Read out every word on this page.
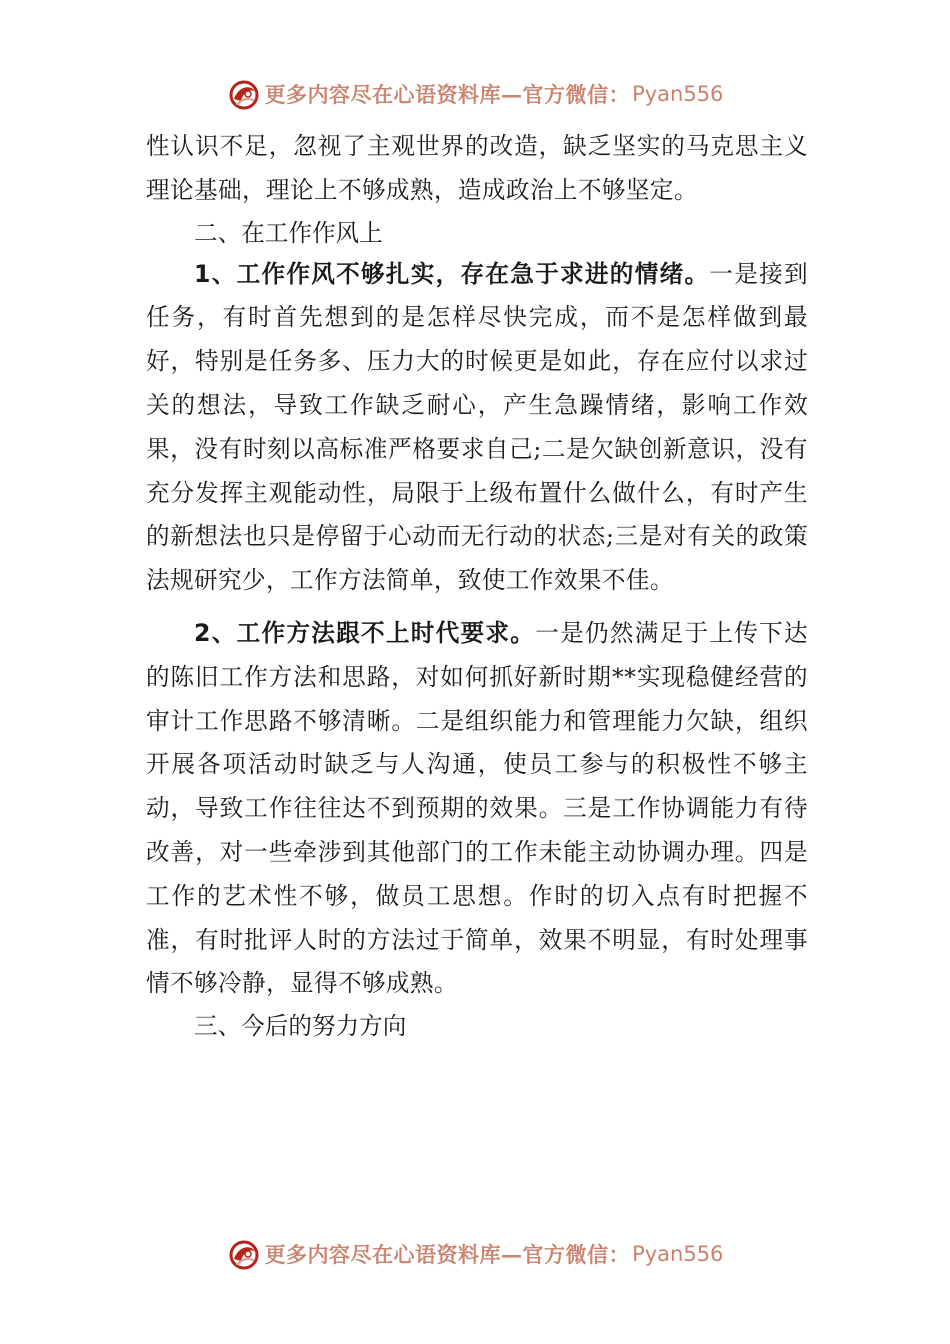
更多内容尽在心语资料库—官方微信： Pyan556

性认识不足，忽视了主观世界的改造，缺乏坚实的马克思主义理论基础，理论上不够成熟，造成政治上不够坚定。

二、在工作作风上

1、工作作风不够扎实，存在急于求进的情绪。一是接到任务，有时首先想到的是怎样尽快完成，而不是怎样做到最好，特别是任务多、压力大的时候更是如此，存在应付以求过关的想法，导致工作缺乏耐心，产生急躁情绪，影响工作效果，没有时刻以高标准严格要求自己;二是欠缺创新意识，没有充分发挥主观能动性，局限于上级布置什么做什么，有时产生的新想法也只是停留于心动而无行动的状态;三是对有关的政策法规研究少，工作方法简单，致使工作效果不佳。

2、工作方法跟不上时代要求。一是仍然满足于上传下达的陈旧工作方法和思路，对如何抓好新时期**实现稳健经营的审计工作思路不够清晰。二是组织能力和管理能力欠缺，组织开展各项活动时缺乏与人沟通，使员工参与的积极性不够主动，导致工作往往达不到预期的效果。三是工作协调能力有待改善，对一些牵涉到其他部门的工作未能主动协调办理。四是工作的艺术性不够，做员工思想。作时的切入点有时把握不准，有时批评人时的方法过于简单，效果不明显，有时处理事情不够冷静，显得不够成熟。

三、今后的努力方向

更多内容尽在心语资料库—官方微信： Pyan556
